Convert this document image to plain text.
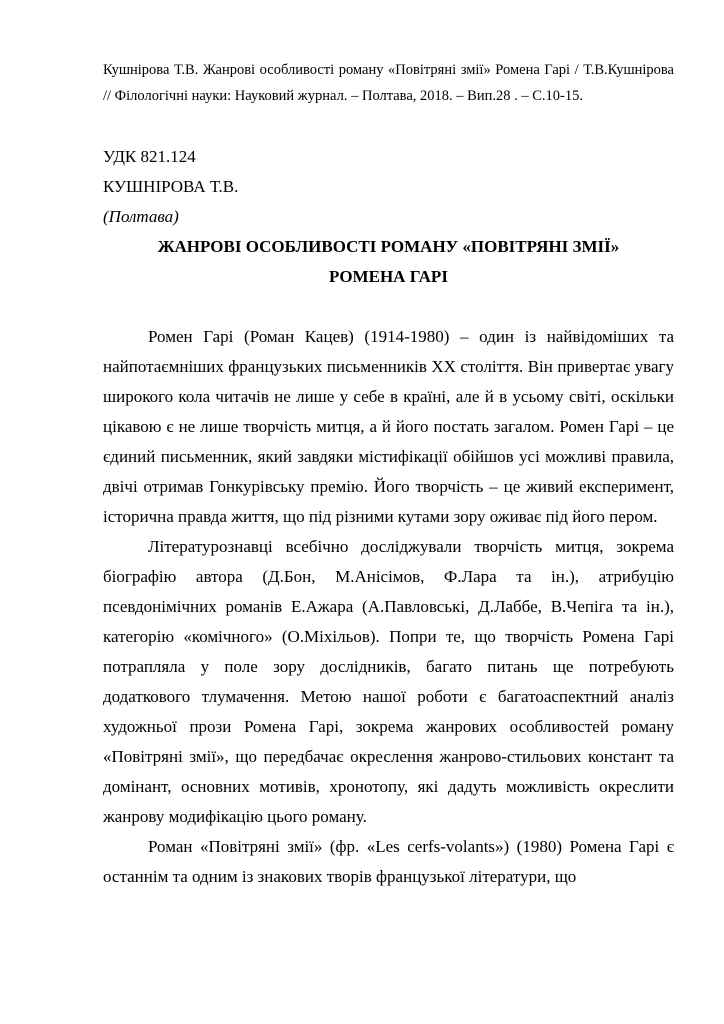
Кушнірова Т.В. Жанрові особливості роману «Повітряні змії» Ромена Гарі / Т.В.Кушнірова // Філологічні науки: Науковий журнал. – Полтава, 2018. – Вип.28 . – С.10-15.

УДК 821.124

КУШНІРОВА Т.В.

(Полтава)

ЖАНРОВІ ОСОБЛИВОСТІ РОМАНУ «ПОВІТРЯНІ ЗМІЇ»
РОМЕНА ГАРІ

Ромен Гарі (Роман Кацев) (1914-1980) – один із найвідоміших та найпотаємніших французьких письменників ХХ століття. Він привертає увагу широкого кола читачів не лише у себе в країні, але й в усьому світі, оскільки цікавою є не лише творчість митця, а й його постать загалом. Ромен Гарі – це єдиний письменник, який завдяки містифікації обійшов усі можливі правила, двічі отримав Гонкурівську премію. Його творчість – це живий експеримент, історична правда життя, що під різними кутами зору оживає під його пером.

Літературознавці всебічно досліджували творчість митця, зокрема біографію автора (Д.Бон, М.Анісімов, Ф.Лара та ін.), атрибуцію псевдонімічних романів Е.Ажара (А.Павловські, Д.Лаббе, В.Чепіга та ін.), категорію «комічного» (О.Міхільов). Попри те, що творчість Ромена Гарі потрапляла у поле зору дослідників, багато питань ще потребують додаткового тлумачення. Метою нашої роботи є багатоаспектний аналіз художньої прози Ромена Гарі, зокрема жанрових особливостей роману «Повітряні змії», що передбачає окреслення жанрово-стильових констант та домінант, основних мотивів, хронотопу, які дадуть можливість окреслити жанрову модифікацію цього роману.

Роман «Повітряні змії» (фр. «Les cerfs-volants») (1980) Ромена Гарі є останнім та одним із знакових творів французької літератури, що
